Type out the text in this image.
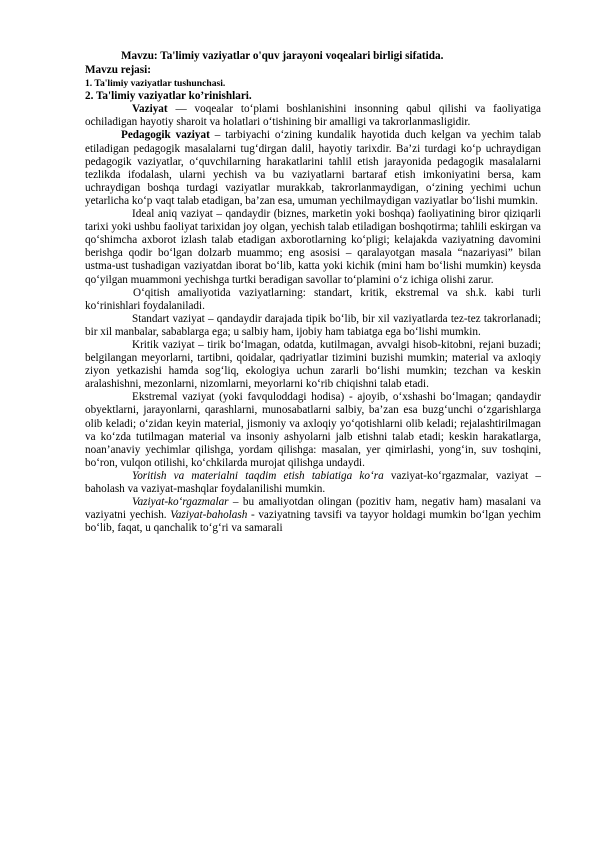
Mavzu: Ta'limiy vaziyatlar o'quv jarayoni voqealari birligi sifatida.
Mavzu rejasi:
1. Ta'limiy vaziyatlar tushunchasi.
2. Ta'limiy vaziyatlar ko’rinishlari.

Vaziyat — voqealar to‘plami boshlanishini insonning qabul qilishi va faoliyatiga ochiladigan hayotiy sharoit va holatlari o‘tishining bir amalligi va takrorlanmasligidir.

Pedagogik vaziyat – tarbiyachi o‘zining kundalik hayotida duch kelgan va yechim talab etiladigan pedagogik masalalarni tug‘dirgan dalil, hayotiy tarixdir. Ba’zi turdagi ko‘p uchraydigan pedagogik vaziyatlar, o‘quvchilarning harakatlarini tahlil etish jarayonida pedagogik masalalarni tezlikda ifodalash, ularni yechish va bu vaziyatlarni bartaraf etish imkoniyatini bersa, kam uchraydigan boshqa turdagi vaziyatlar murakkab, takrorlanmaydigan, o‘zining yechimi uchun yetarlicha ko‘p vaqt talab etadigan, ba’zan esa, umuman yechilmaydigan vaziyatlar bo‘lishi mumkin.

Ideal aniq vaziyat – qandaydir (biznes, marketin yoki boshqa) faoliyatining biror qiziqarli tarixi yoki ushbu faoliyat tarixidan joy olgan, yechish talab etiladigan boshqotirma; tahlili eskirgan va qo‘shimcha axborot izlash talab etadigan axborotlarning ko‘pligi; kelajakda vaziyatning davomini berishga qodir bo‘lgan dolzarb muammo; eng asosisi – qaralayotgan masala “nazariyasi” bilan ustma-ust tushadigan vaziyatdan iborat bo‘lib, katta yoki kichik (mini ham bo‘lishi mumkin) keysda qo‘yilgan muammoni yechishga turtki beradigan savollar to‘plamini o‘z ichiga olishi zarur.

O‘qitish amaliyotida vaziyatlarning: standart, kritik, ekstremal va sh.k. kabi turli ko‘rinishlari foydalaniladi.

Standart vaziyat – qandaydir darajada tipik bo‘lib, bir xil vaziyatlarda tez-tez takrorlanadi; bir xil manbalar, sabablarga ega; u salbiy ham, ijobiy ham tabiatga ega bo‘lishi mumkin.

Kritik vaziyat – tirik bo‘lmagan, odatda, kutilmagan, avvalgi hisob-kitobni, rejani buzadi; belgilangan meyorlarni, tartibni, qoidalar, qadriyatlar tizimini buzishi mumkin; material va axloqiy ziyon yetkazishi hamda sog‘liq, ekologiya uchun zararli bo‘lishi mumkin; tezchan va keskin aralashishni, mezonlarni, nizomlarni, meyorlarni ko‘rib chiqishni talab etadi.

Ekstremal vaziyat (yoki favquloddagi hodisa) - ajoyib, o‘xshashi bo‘lmagan; qandaydir obyektlarni, jarayonlarni, qarashlarni, munosabatlarni salbiy, ba’zan esa buzg‘unchi o‘zgarishlarga olib keladi; o‘zidan keyin material, jismoniy va axloqiy yo‘qotishlarni olib keladi; rejalashtirilmagan va ko‘zda tutilmagan material va insoniy ashyolarni jalb etishni talab etadi; keskin harakatlarga, noan’anaviy yechimlar qilishga, yordam qilishga: masalan, yer qimirlashi, yong‘in, suv toshqini, bo‘ron, vulqon otilishi, ko‘chkilarda murojat qilishga undaydi.

Yoritish va materialni taqdim etish tabiatiga ko‘ra vaziyat-ko‘rgazmalar, vaziyat – baholash va vaziyat-mashqlar foydalanilishi mumkin.

Vaziyat-ko‘rgazmalar – bu amaliyotdan olingan (pozitiv ham, negativ ham) masalani va vaziyatni yechish. Vaziyat-baholash - vaziyatning tavsifi va tayyor holdagi mumkin bo‘lgan yechim bo‘lib, faqat, u qanchalik to‘g‘ri va samarali
